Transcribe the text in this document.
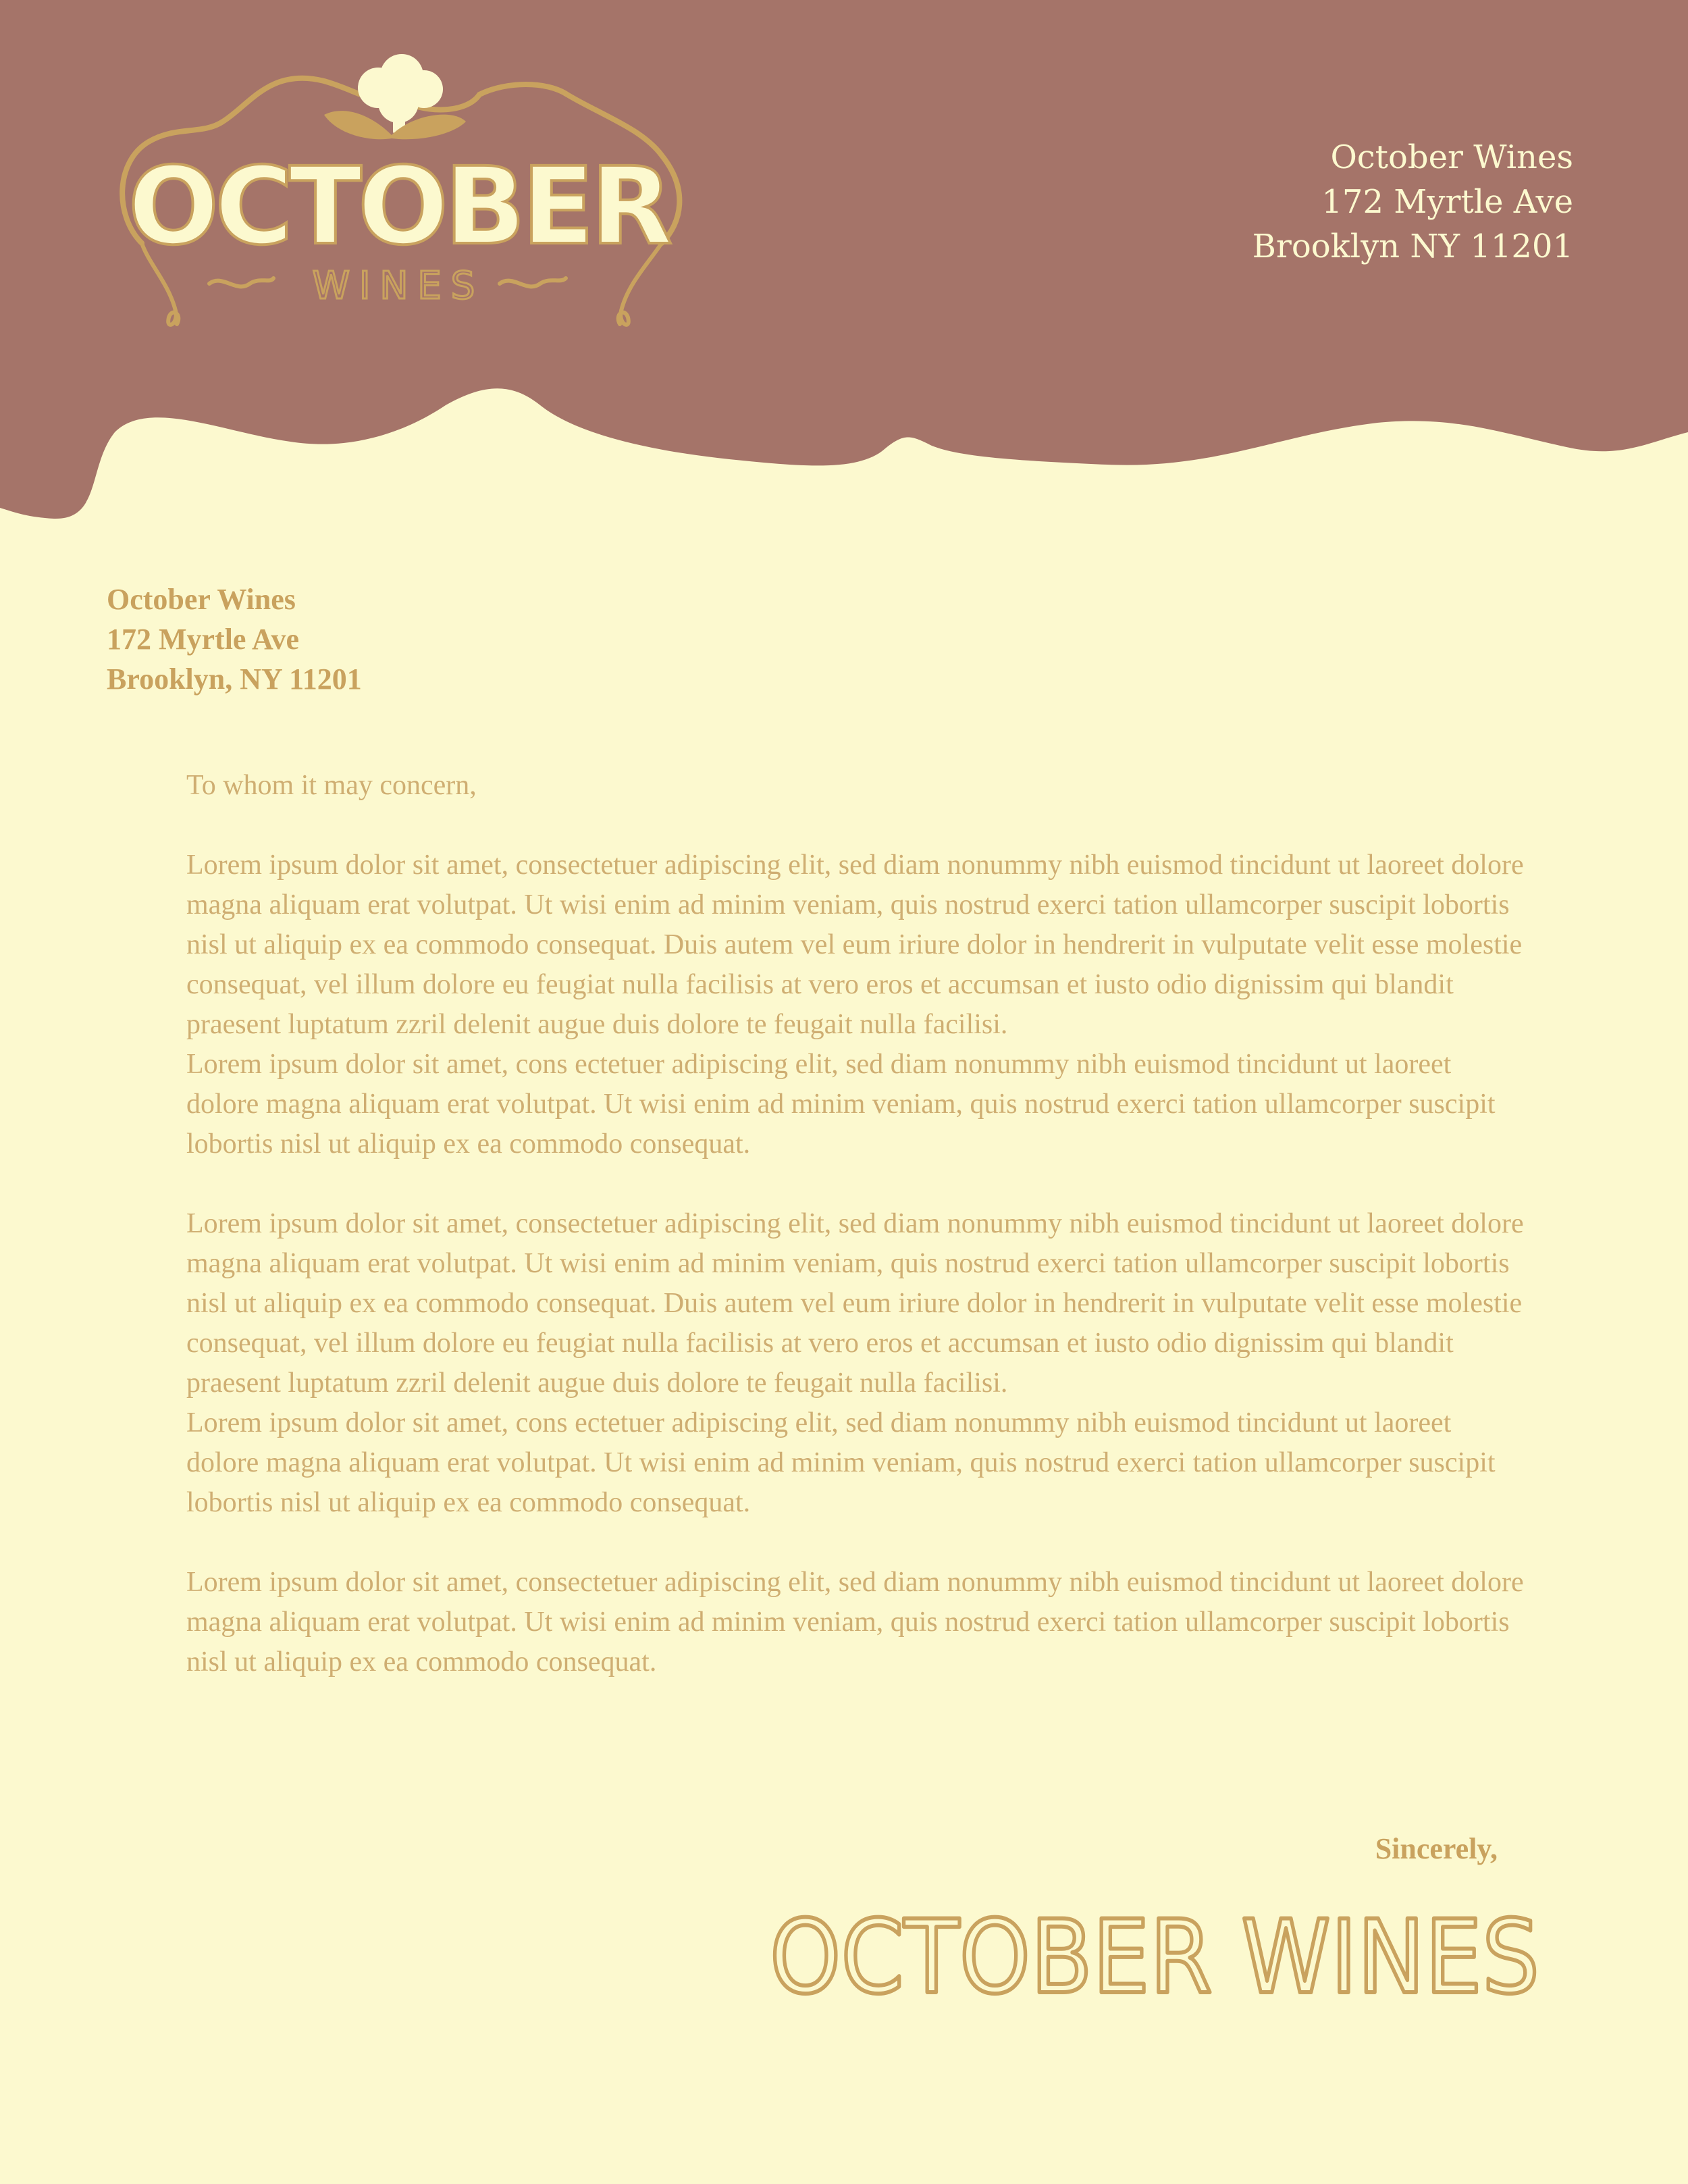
OCTOBER
WINES
October Wines
172 Myrtle Ave
Brooklyn NY 11201
October Wines
172 Myrtle Ave
Brooklyn, NY 11201

To whom it may concern,

Lorem ipsum dolor sit amet, consectetuer adipiscing elit, sed diam nonummy nibh euismod tincidunt ut laoreet dolore magna aliquam erat volutpat. Ut wisi enim ad minim veniam, quis nostrud exerci tation ullamcorper suscipit lobortis nisl ut aliquip ex ea commodo consequat. Duis autem vel eum iriure dolor in hendrerit in vulputate velit esse molestie consequat, vel illum dolore eu feugiat nulla facilisis at vero eros et accumsan et iusto odio dignissim qui blandit praesent luptatum zzril delenit augue duis dolore te feugait nulla facilisi.

Lorem ipsum dolor sit amet, cons ectetuer adipiscing elit, sed diam nonummy nibh euismod tincidunt ut laoreet dolore magna aliquam erat volutpat. Ut wisi enim ad minim veniam, quis nostrud exerci tation ullamcorper suscipit lobortis nisl ut aliquip ex ea commodo consequat.

Lorem ipsum dolor sit amet, consectetuer adipiscing elit, sed diam nonummy nibh euismod tincidunt ut laoreet dolore magna aliquam erat volutpat. Ut wisi enim ad minim veniam, quis nostrud exerci tation ullamcorper suscipit lobortis nisl ut aliquip ex ea commodo consequat. Duis autem vel eum iriure dolor in hendrerit in vulputate velit esse molestie consequat, vel illum dolore eu feugiat nulla facilisis at vero eros et accumsan et iusto odio dignissim qui blandit praesent luptatum zzril delenit augue duis dolore te feugait nulla facilisi.

Lorem ipsum dolor sit amet, cons ectetuer adipiscing elit, sed diam nonummy nibh euismod tincidunt ut laoreet dolore magna aliquam erat volutpat. Ut wisi enim ad minim veniam, quis nostrud exerci tation ullamcorper suscipit lobortis nisl ut aliquip ex ea commodo consequat.

Lorem ipsum dolor sit amet, consectetuer adipiscing elit, sed diam nonummy nibh euismod tincidunt ut laoreet dolore magna aliquam erat volutpat. Ut wisi enim ad minim veniam, quis nostrud exerci tation ullamcorper suscipit lobortis nisl ut aliquip ex ea commodo consequat.

Sincerely,
OCTOBER WINES
